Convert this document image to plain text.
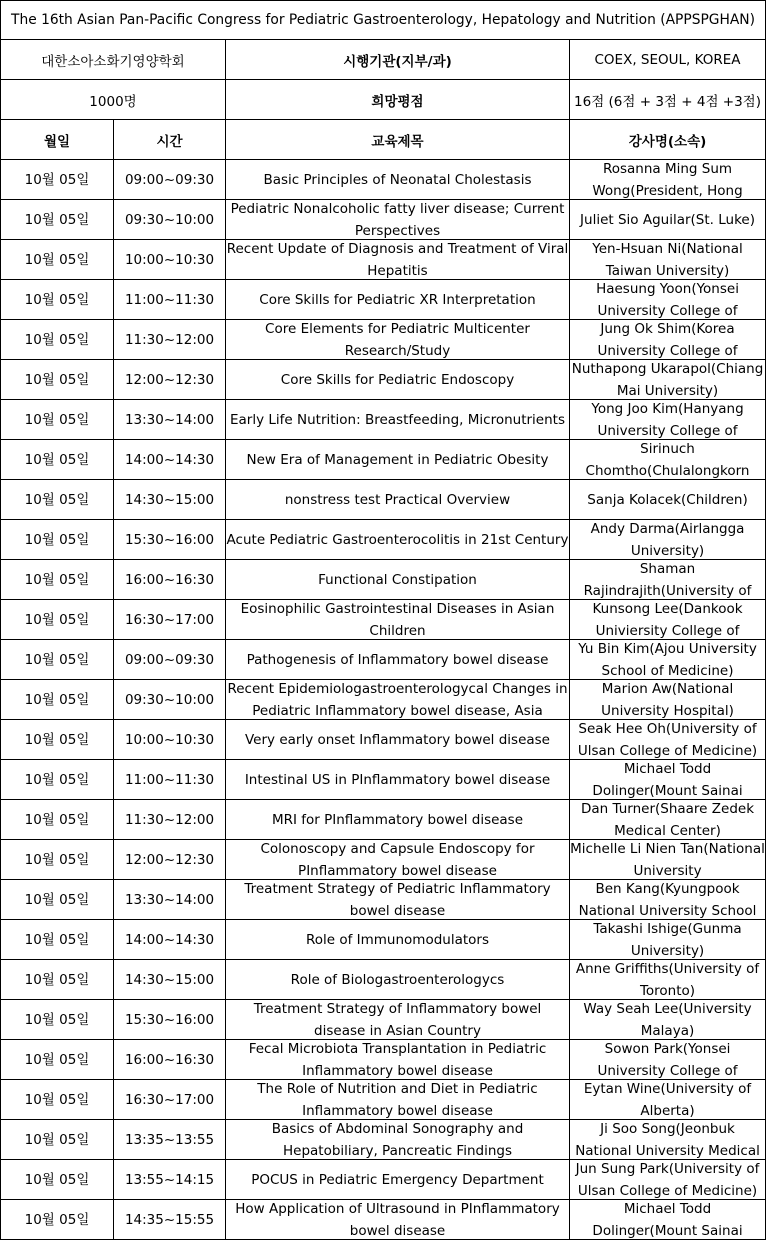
The 16th Asian Pan-Pacific Congress for Pediatric Gastroenterology, Hepatology and Nutrition (APPSPGHAN)			
대한소아소화기영양학회		시행기관(지부/과)	COEX, SEOUL, KOREA
1000명		희망평점	16점 (6점 + 3점 + 4점 +3점)
월일	시간	교육제목	강사명(소속)

10월 05일	09:00~09:30	Basic Principles of Neonatal Cholestasis	Rosanna Ming Sum Wong(President, Hong

10월 05일	09:30~10:00	Pediatric Nonalcoholic fatty liver disease; Current Perspectives	Juliet Sio Aguilar(St. Luke)

10월 05일	10:00~10:30	Recent Update of Diagnosis and Treatment of Viral Hepatitis	Yen-Hsuan Ni(National Taiwan University)

10월 05일	11:00~11:30	Core Skills for Pediatric XR Interpretation	Haesung Yoon(Yonsei University College of

10월 05일	11:30~12:00	Core Elements for Pediatric Multicenter Research/Study	Jung Ok Shim(Korea University College of

10월 05일	12:00~12:30	Core Skills for Pediatric Endoscopy	Nuthapong Ukarapol(Chiang Mai University)

10월 05일	13:30~14:00	Early Life Nutrition: Breastfeeding, Micronutrients	Yong Joo Kim(Hanyang University College of

10월 05일	14:00~14:30	New Era of Management in Pediatric Obesity	Sirinuch Chomtho(Chulalongkorn

10월 05일	14:30~15:00	nonstress test Practical Overview	Sanja Kolacek(Children)

10월 05일	15:30~16:00	Acute Pediatric Gastroenterocolitis in 21st Century	Andy Darma(Airlangga University)

10월 05일	16:00~16:30	Functional Constipation	Shaman Rajindrajith(University of

10월 05일	16:30~17:00	Eosinophilic Gastrointestinal Diseases in Asian Children	Kunsong Lee(Dankook Univiersity College of

10월 05일	09:00~09:30	Pathogenesis of Inflammatory bowel disease	Yu Bin Kim(Ajou University School of Medicine)

10월 05일	09:30~10:00	Recent Epidemiologastroenterologycal Changes in Pediatric Inflammatory bowel disease, Asia	Marion Aw(National University Hospital)

10월 05일	10:00~10:30	Very early onset Inflammatory bowel disease	Seak Hee Oh(University of Ulsan College of Medicine)

10월 05일	11:00~11:30	Intestinal US in PInflammatory bowel disease	Michael Todd Dolinger(Mount Sainai

10월 05일	11:30~12:00	MRI for PInflammatory bowel disease	Dan Turner(Shaare Zedek Medical Center)

10월 05일	12:00~12:30	Colonoscopy and Capsule Endoscopy for PInflammatory bowel disease	Michelle Li Nien Tan(National University

10월 05일	13:30~14:00	Treatment Strategy of Pediatric Inflammatory bowel disease	Ben Kang(Kyungpook National University School

10월 05일	14:00~14:30	Role of Immunomodulators	Takashi Ishige(Gunma University)

10월 05일	14:30~15:00	Role of Biologastroenterologycs	Anne Griffiths(University of Toronto)

10월 05일	15:30~16:00	Treatment Strategy of Inflammatory bowel disease in Asian Country	Way Seah Lee(University Malaya)

10월 05일	16:00~16:30	Fecal Microbiota Transplantation in Pediatric Inflammatory bowel disease	Sowon Park(Yonsei University College of

10월 05일	16:30~17:00	The Role of Nutrition and Diet in Pediatric Inflammatory bowel disease	Eytan Wine(University of Alberta)

10월 05일	13:35~13:55	Basics of Abdominal Sonography and Hepatobiliary, Pancreatic Findings	Ji Soo Song(Jeonbuk National University Medical

10월 05일	13:55~14:15	POCUS in Pediatric Emergency Department	Jun Sung Park(University of Ulsan College of Medicine)

10월 05일	14:35~15:55	How Application of Ultrasound in PInflammatory bowel disease	Michael Todd Dolinger(Mount Sainai
